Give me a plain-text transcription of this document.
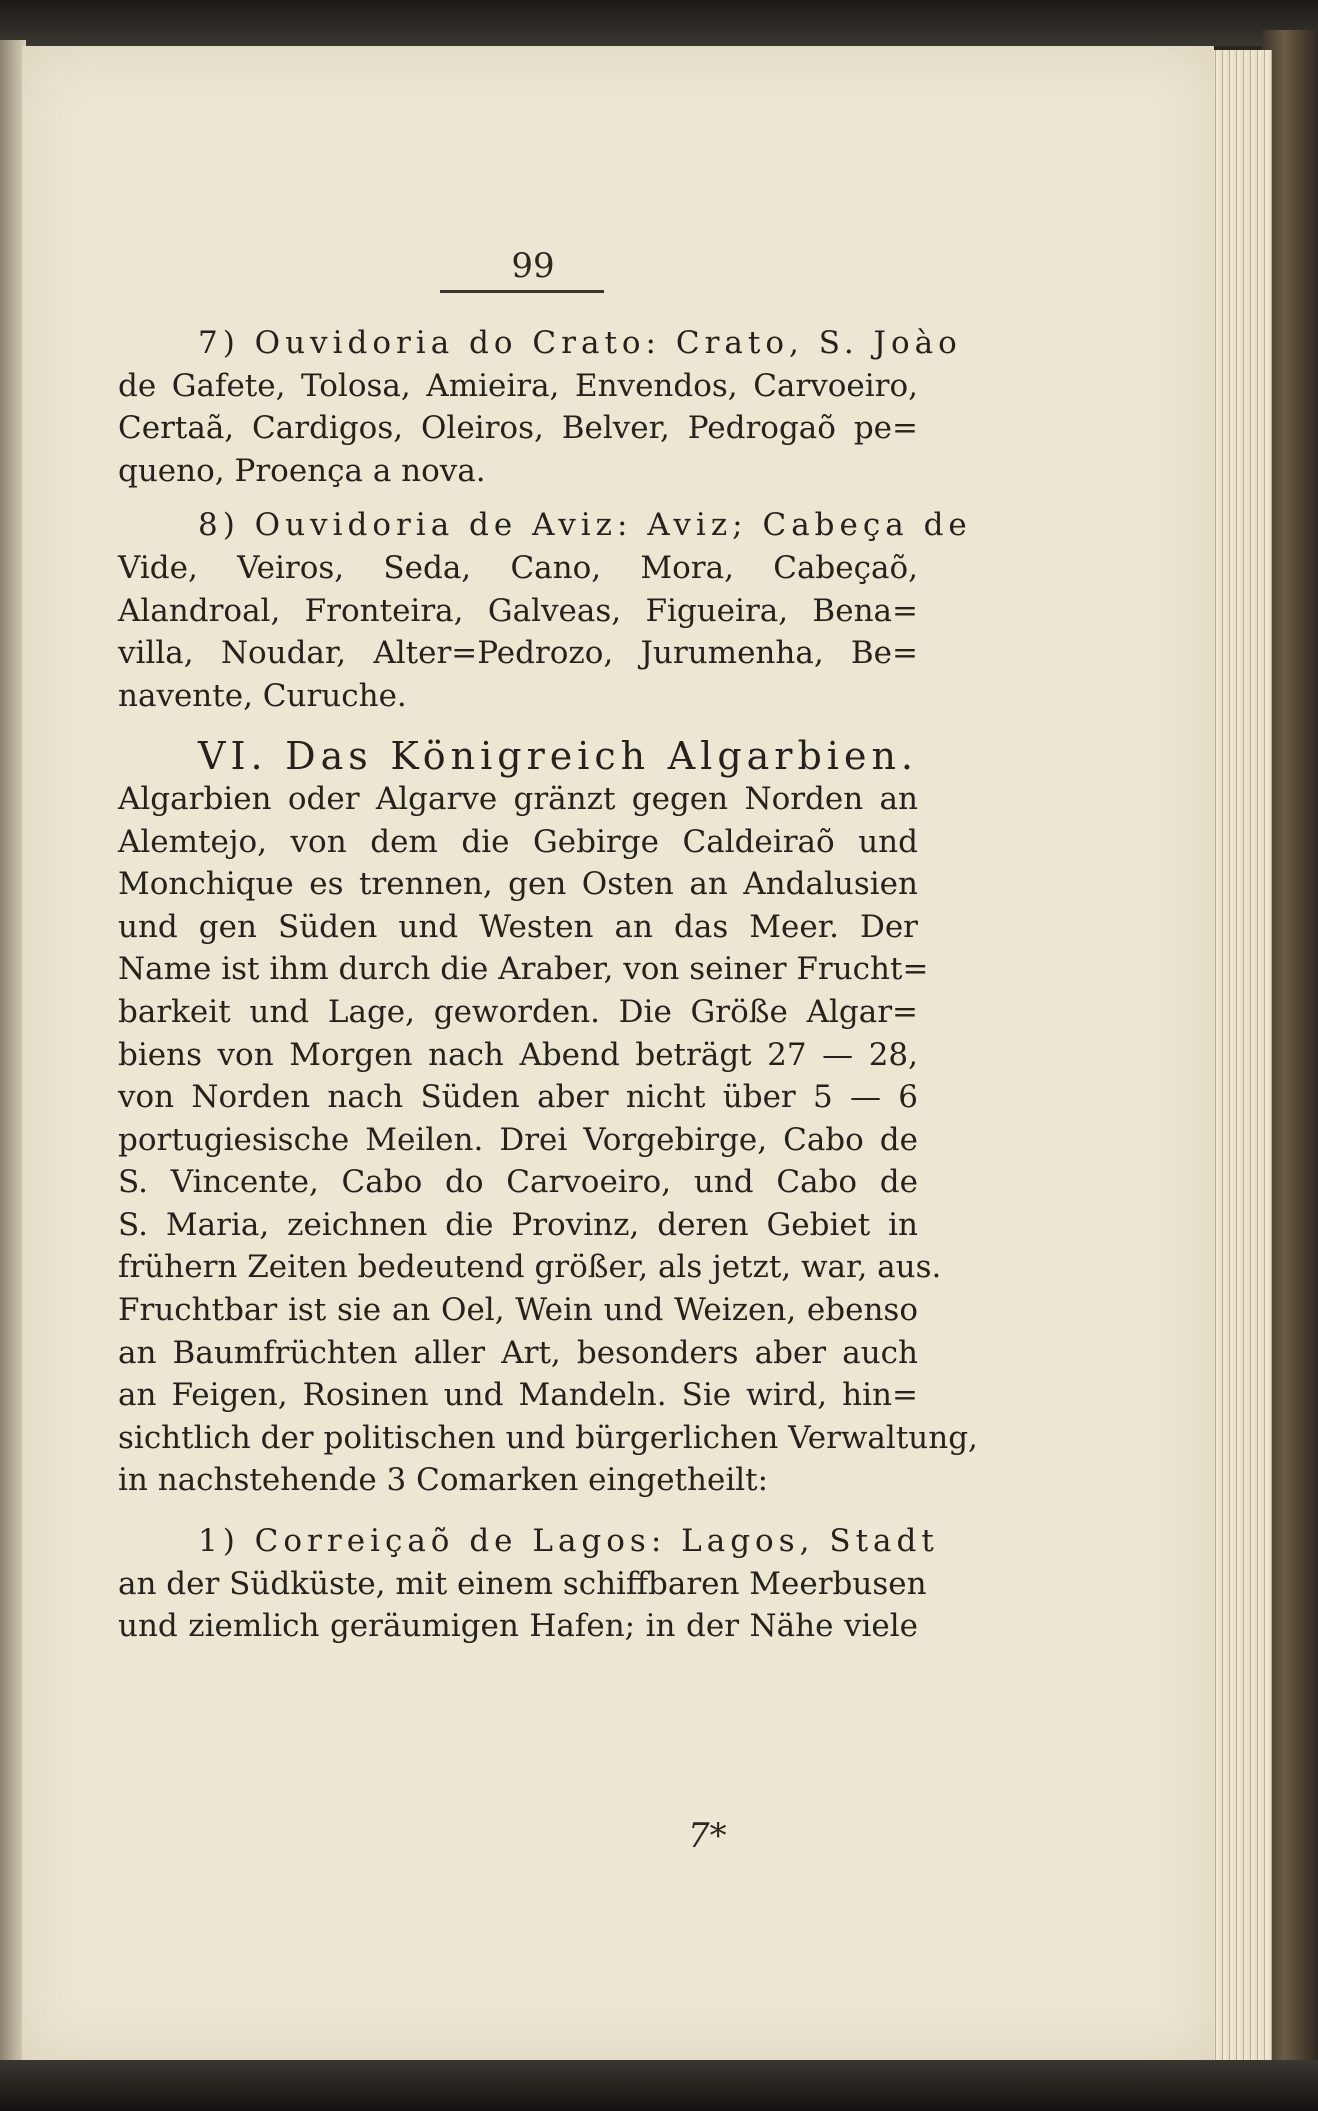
99

7) Ouvidoria do Crato: Crato, S. Joào
de Gafete, Tolosa, Amieira, Envendos, Carvoeiro,
Certaã, Cardigos, Oleiros, Belver, Pedrogaõ pe=
queno, Proença a nova.

8) Ouvidoria de Aviz: Aviz; Cabeça de
Vide, Veiros, Seda, Cano, Mora, Cabeçaõ,
Alandroal, Fronteira, Galveas, Figueira, Bena=
villa, Noudar, Alter=Pedrozo, Jurumenha, Be=
navente, Curuche.

VI. Das Königreich Algarbien.
Algarbien oder Algarve gränzt gegen Norden an
Alemtejo, von dem die Gebirge Caldeiraõ und
Monchique es trennen, gen Osten an Andalusien
und gen Süden und Westen an das Meer. Der
Name ist ihm durch die Araber, von seiner Frucht=
barkeit und Lage, geworden. Die Größe Algar=
biens von Morgen nach Abend beträgt 27 — 28,
von Norden nach Süden aber nicht über 5 — 6
portugiesische Meilen. Drei Vorgebirge, Cabo de
S. Vincente, Cabo do Carvoeiro, und Cabo de
S. Maria, zeichnen die Provinz, deren Gebiet in
frühern Zeiten bedeutend größer, als jetzt, war, aus.
Fruchtbar ist sie an Oel, Wein und Weizen, ebenso
an Baumfrüchten aller Art, besonders aber auch
an Feigen, Rosinen und Mandeln. Sie wird, hin=
sichtlich der politischen und bürgerlichen Verwaltung,
in nachstehende 3 Comarken eingetheilt:

1) Correiçaõ de Lagos: Lagos, Stadt
an der Südküste, mit einem schiffbaren Meerbusen
und ziemlich geräumigen Hafen; in der Nähe viele

7*
